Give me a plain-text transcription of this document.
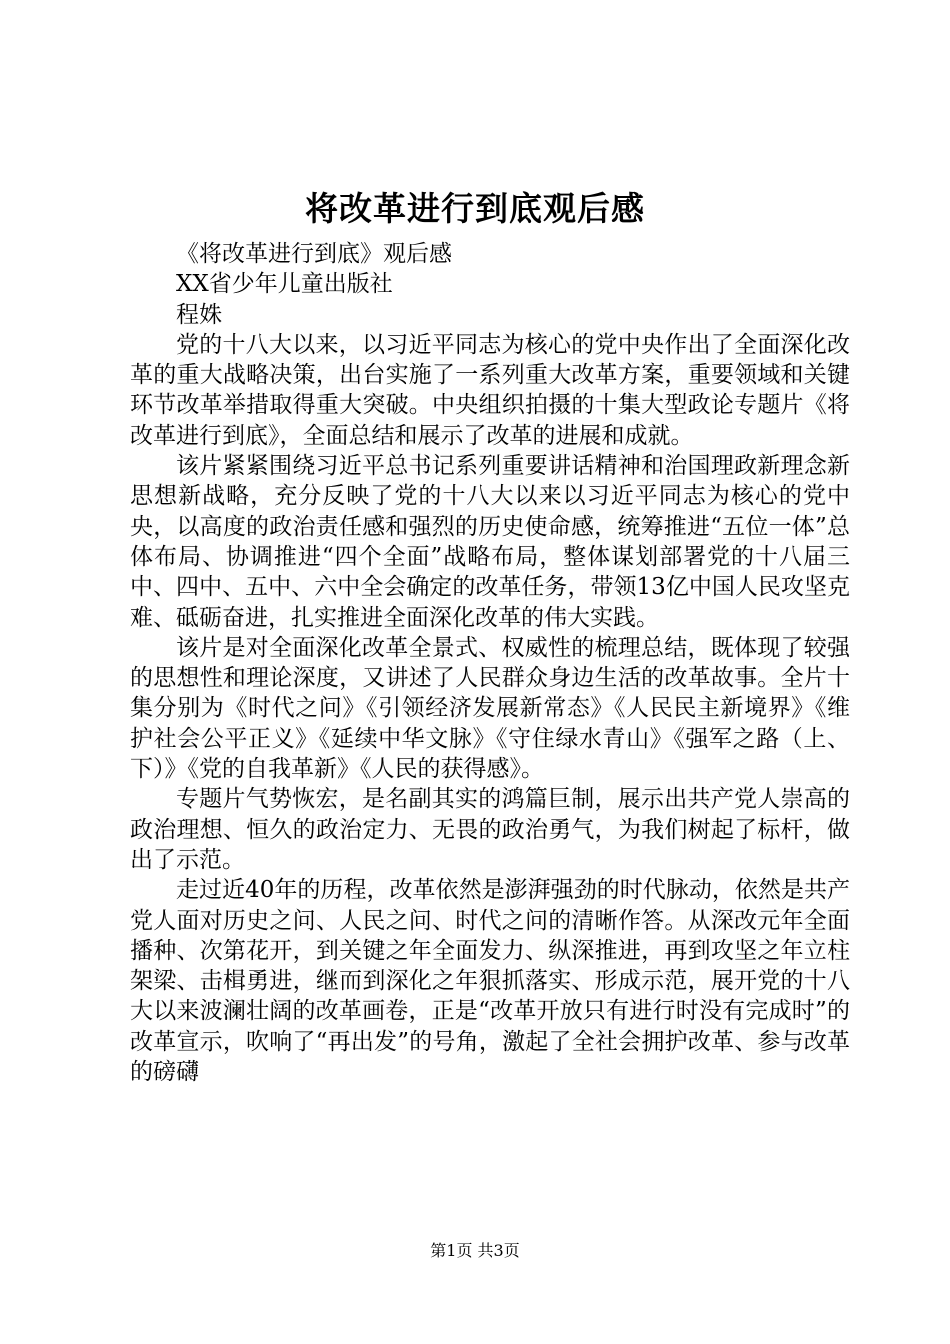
将改革进行到底观后感

《将改革进行到底》观后感

XX省少年儿童出版社

程姝

党的十八大以来，以习近平同志为核心的党中央作出了全面深化改革的重大战略决策，出台实施了一系列重大改革方案，重要领域和关键环节改革举措取得重大突破。中央组织拍摄的十集大型政论专题片《将改革进行到底》，全面总结和展示了改革的进展和成就。

该片紧紧围绕习近平总书记系列重要讲话精神和治国理政新理念新思想新战略，充分反映了党的十八大以来以习近平同志为核心的党中央，以高度的政治责任感和强烈的历史使命感，统筹推进“五位一体”总体布局、协调推进“四个全面”战略布局，整体谋划部署党的十八届三中、四中、五中、六中全会确定的改革任务，带领13亿中国人民攻坚克难、砥砺奋进，扎实推进全面深化改革的伟大实践。

该片是对全面深化改革全景式、权威性的梳理总结，既体现了较强的思想性和理论深度，又讲述了人民群众身边生活的改革故事。全片十集分别为《时代之问》《引领经济发展新常态》《人民民主新境界》《维护社会公平正义》《延续中华文脉》《守住绿水青山》《强军之路（上、下）》《党的自我革新》《人民的获得感》。

专题片气势恢宏，是名副其实的鸿篇巨制，展示出共产党人崇高的政治理想、恒久的政治定力、无畏的政治勇气，为我们树起了标杆，做出了示范。

走过近40年的历程，改革依然是澎湃强劲的时代脉动，依然是共产党人面对历史之问、人民之问、时代之问的清晰作答。从深改元年全面播种、次第花开，到关键之年全面发力、纵深推进，再到攻坚之年立柱架梁、击楫勇进，继而到深化之年狠抓落实、形成示范，展开党的十八大以来波澜壮阔的改革画卷，正是“改革开放只有进行时没有完成时”的改革宣示，吹响了“再出发”的号角，激起了全社会拥护改革、参与改革的磅礴

第1页 共3页
